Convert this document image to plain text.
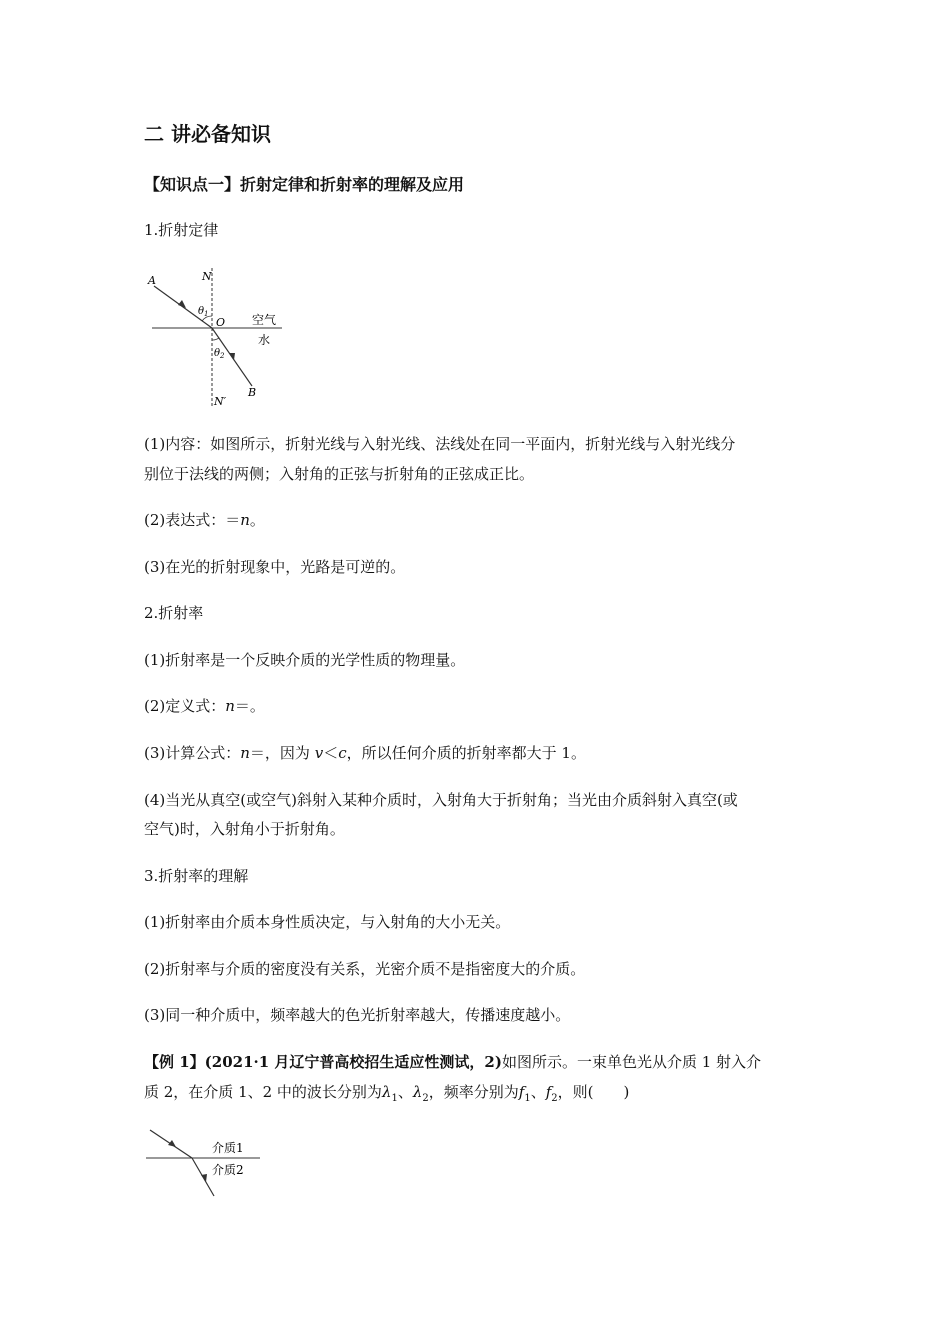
二 讲必备知识
【知识点一】折射定律和折射率的理解及应用
1.折射定律
A	N
$\theta_1$
O 空气
水
$\theta_2$
B
N′
(1)内容：如图所示，折射光线与入射光线、法线处在同一平面内，折射光线与入射光线分
别位于法线的两侧；入射角的正弦与折射角的正弦成正比。
(2)表达式：＝n。
(3)在光的折射现象中，光路是可逆的。
2.折射率
(1)折射率是一个反映介质的光学性质的物理量。
(2)定义式：n＝。
(3)计算公式：n＝，因为 v＜c，所以任何介质的折射率都大于 1。
(4)当光从真空(或空气)斜射入某种介质时，入射角大于折射角；当光由介质斜射入真空(或
空气)时，入射角小于折射角。
3.折射率的理解
(1)折射率由介质本身性质决定，与入射角的大小无关。
(2)折射率与介质的密度没有关系，光密介质不是指密度大的介质。
(3)同一种介质中，频率越大的色光折射率越大，传播速度越小。
【例 1】(2021·1 月辽宁普高校招生适应性测试，2)如图所示。一束单色光从介质 1 射入介
质 2，在介质 1、2 中的波长分别为$\lambda_1$、$\lambda_2$，频率分别为$f_1$、$f_2$，则(　　)
介质1
介质2
